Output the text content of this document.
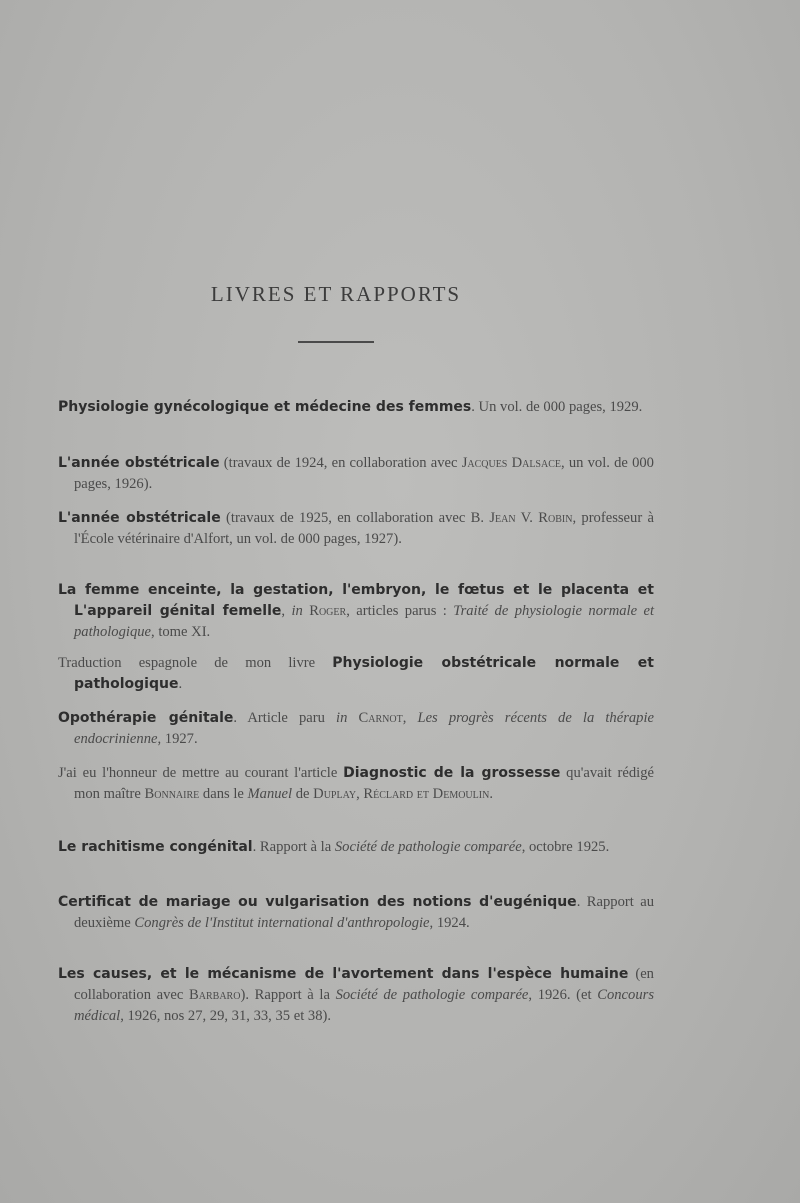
LIVRES ET RAPPORTS
Physiologie gynécologique et médecine des femmes. Un vol. de 000 pages, 1929.
L'année obstétricale (travaux de 1924, en collaboration avec Jacques Dalsace, un vol. de 000 pages, 1926).
L'année obstétricale (travaux de 1925, en collaboration avec B. Jean V. Robin, professeur à l'École vétérinaire d'Alfort, un vol. de 000 pages, 1927).
La femme enceinte, la gestation, l'embryon, le fœtus et le placenta et L'appareil génital femelle, in Roger, articles parus : Traité de physiologie normale et pathologique, tome XI.
Traduction espagnole de mon livre Physiologie obstétricale normale et pathologique.
Opothérapie génitale. Article paru in Carnot, Les progrès récents de la thérapie endocrinienne, 1927.
J'ai eu l'honneur de mettre au courant l'article Diagnostic de la grossesse qu'avait rédigé mon maître Bonnaire dans le Manuel de Duplay, Réclard et Demoulin.
Le rachitisme congénital. Rapport à la Société de pathologie comparée, octobre 1925.
Certificat de mariage ou vulgarisation des notions d'eugénique. Rapport au deuxième Congrès de l'Institut international d'anthropologie, 1924.
Les causes, et le mécanisme de l'avortement dans l'espèce humaine (en collaboration avec Barbaro). Rapport à la Société de pathologie comparée, 1926. (et Concours médical, 1926, nos 27, 29, 31, 33, 35 et 38).
